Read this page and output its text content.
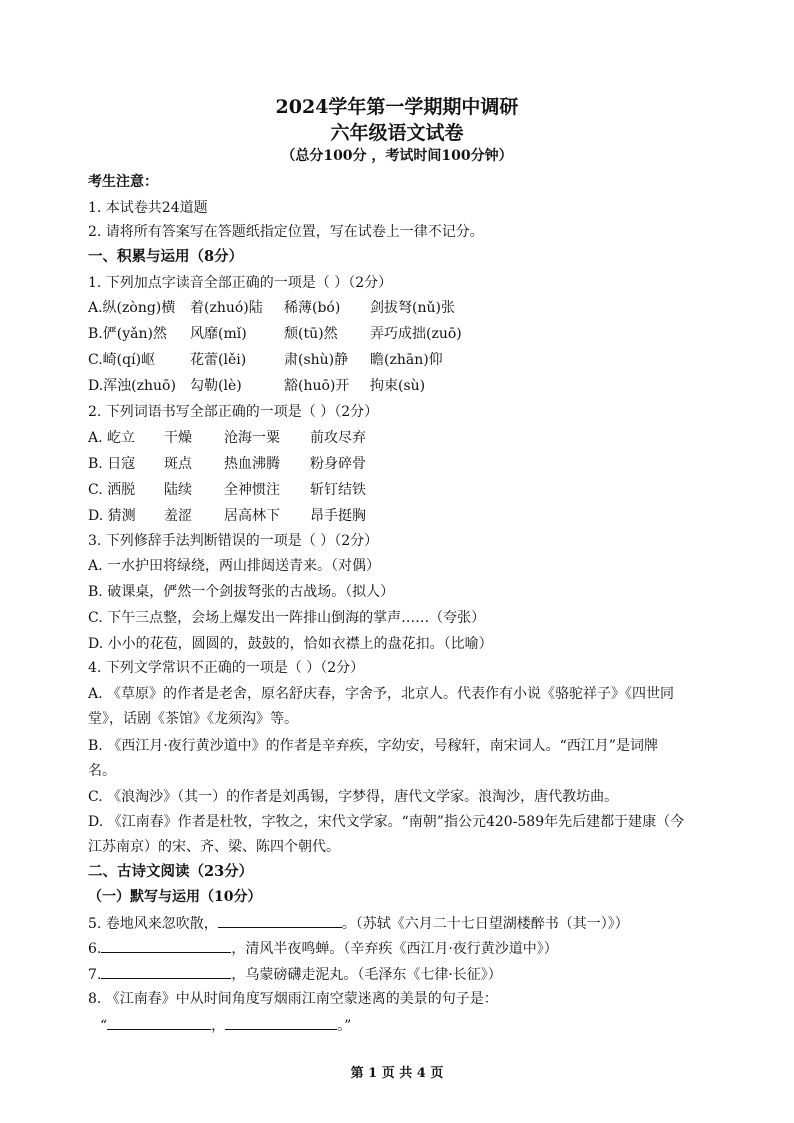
2024学年第一学期期中调研
六年级语文试卷
（总分100分 ，考试时间100分钟）
考生注意：
1. 本试卷共24道题
2. 请将所有答案写在答题纸指定位置，写在试卷上一律不记分。
一、积累与运用（8分）
1. 下列加点字读音全部正确的一项是（ ）（2分）
A.纵(zòng)横 着(zhuó)陆 稀薄(bó) 剑拔弩(nǔ)张
B.俨(yǎn)然 风靡(mǐ)	颓(tū)然 弄巧成拙(zuō)
C.崎(qí)岖 花蕾(lěi)	肃(shù)静 瞻(zhān)仰
D.浑浊(zhuō) 勾勒(lè)	豁(huō)开 拘束(sù)
2. 下列词语书写全部正确的一项是（ ）（2分）
A. 屹立 干燥 沧海一粟 前攻尽弃
B. 日寇 斑点 热血沸腾 粉身碎骨
C. 洒脱 陆续 全神惯注 斩钉结铁
D. 猜测 羞涩 居高林下 昂手挺胸
3. 下列修辞手法判断错误的一项是（ ）（2分）
A. 一水护田将绿绕，两山排闼送青来。（对偶）
B. 破课桌，俨然一个剑拔弩张的古战场。（拟人）
C. 下午三点整，会场上爆发出一阵排山倒海的掌声……（夸张）
D. 小小的花苞，圆圆的，鼓鼓的，恰如衣襟上的盘花扣。（比喻）
4. 下列文学常识不正确的一项是（ ）（2分）
A. 《草原》的作者是老舍，原名舒庆春，字舍予，北京人。代表作有小说《骆驼祥子》《四世同
堂》，话剧《茶馆》《龙须沟》等。
B. 《西江月·夜行黄沙道中》的作者是辛弃疾，字幼安，号稼轩，南宋词人。“西江月”是词牌
名。
C. 《浪淘沙》（其一）的作者是刘禹锡，字梦得，唐代文学家。浪淘沙，唐代教坊曲。
D. 《江南春》作者是杜牧，字牧之，宋代文学家。“南朝”指公元420-589年先后建都于建康（今
江苏南京）的宋、齐、梁、陈四个朝代。
二、古诗文阅读（23分）
（一）默写与运用（10分）
5. 卷地风来忽吹散，	。（苏轼《六月二十七日望湖楼醉书（其一）》）
6.	，清风半夜鸣蝉。（辛弃疾《西江月·夜行黄沙道中》）
7.	，乌蒙磅礴走泥丸。（毛泽东《七律·长征》）
8. 《江南春》中从时间角度写烟雨江南空蒙迷离的美景的句子是：
“	，	。”
第 1 页 共 4 页
